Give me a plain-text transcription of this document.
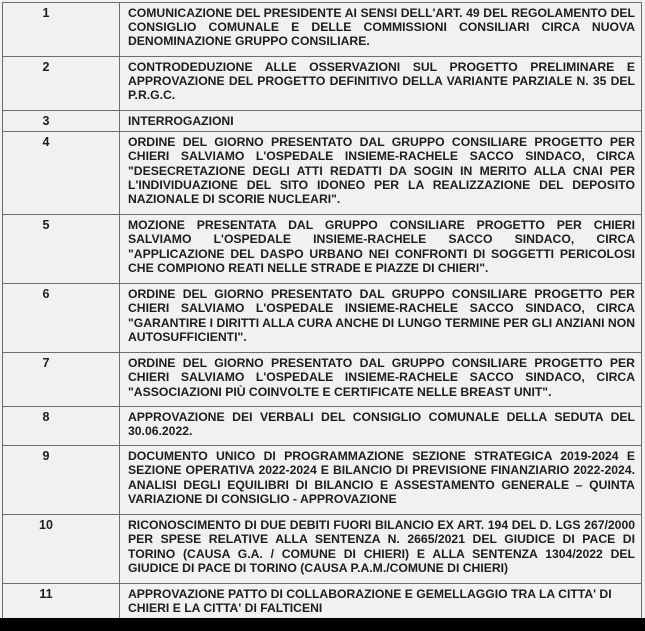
1	COMUNICAZIONE DEL PRESIDENTE AI SENSI DELL'ART. 49 DEL REGOLAMENTO DEL CONSIGLIO COMUNALE E DELLE COMMISSIONI CONSILIARI CIRCA NUOVA DENOMINAZIONE GRUPPO CONSILIARE.
2	CONTRODEDUZIONE ALLE OSSERVAZIONI SUL PROGETTO PRELIMINARE E APPROVAZIONE DEL PROGETTO DEFINITIVO DELLA VARIANTE PARZIALE N. 35 DEL P.R.G.C.
3	INTERROGAZIONI
4	ORDINE DEL GIORNO PRESENTATO DAL GRUPPO CONSILIARE PROGETTO PER CHIERI SALVIAMO L'OSPEDALE INSIEME-RACHELE SACCO SINDACO, CIRCA "DESECRETAZIONE DEGLI ATTI REDATTI DA SOGIN IN MERITO ALLA CNAI PER L'INDIVIDUAZIONE DEL SITO IDONEO PER LA REALIZZAZIONE DEL DEPOSITO NAZIONALE DI SCORIE NUCLEARI".
5	MOZIONE PRESENTATA DAL GRUPPO CONSILIARE PROGETTO PER CHIERI SALVIAMO L'OSPEDALE INSIEME-RACHELE SACCO SINDACO, CIRCA "APPLICAZIONE DEL DASPO URBANO NEI CONFRONTI DI SOGGETTI PERICOLOSI CHE COMPIONO REATI NELLE STRADE E PIAZZE DI CHIERI".
6	ORDINE DEL GIORNO PRESENTATO DAL GRUPPO CONSILIARE PROGETTO PER CHIERI SALVIAMO L'OSPEDALE INSIEME-RACHELE SACCO SINDACO, CIRCA "GARANTIRE I DIRITTI ALLA CURA ANCHE DI LUNGO TERMINE PER GLI ANZIANI NON AUTOSUFFICIENTI".
7	ORDINE DEL GIORNO PRESENTATO DAL GRUPPO CONSILIARE PROGETTO PER CHIERI SALVIAMO L'OSPEDALE INSIEME-RACHELE SACCO SINDACO, CIRCA "ASSOCIAZIONI PIÙ COINVOLTE E CERTIFICATE NELLE BREAST UNIT".
8	APPROVAZIONE DEI VERBALI DEL CONSIGLIO COMUNALE DELLA SEDUTA DEL 30.06.2022.
9	DOCUMENTO UNICO DI PROGRAMMAZIONE SEZIONE STRATEGICA 2019-2024 E SEZIONE OPERATIVA 2022-2024 E BILANCIO DI PREVISIONE FINANZIARIO 2022-2024. ANALISI DEGLI EQUILIBRI DI BILANCIO E ASSESTAMENTO GENERALE – QUINTA VARIAZIONE DI CONSIGLIO - APPROVAZIONE
10	RICONOSCIMENTO DI DUE DEBITI FUORI BILANCIO EX ART. 194 DEL D. LGS 267/2000 PER SPESE RELATIVE ALLA SENTENZA N. 2665/2021 DEL GIUDICE DI PACE DI TORINO (CAUSA G.A. / COMUNE DI CHIERI) E ALLA SENTENZA 1304/2022 DEL GIUDICE DI PACE DI TORINO (CAUSA P.A.M./COMUNE DI CHIERI)
11	APPROVAZIONE PATTO DI COLLABORAZIONE E GEMELLAGGIO TRA LA CITTA' DI CHIERI E LA CITTA' DI FALTICENI
